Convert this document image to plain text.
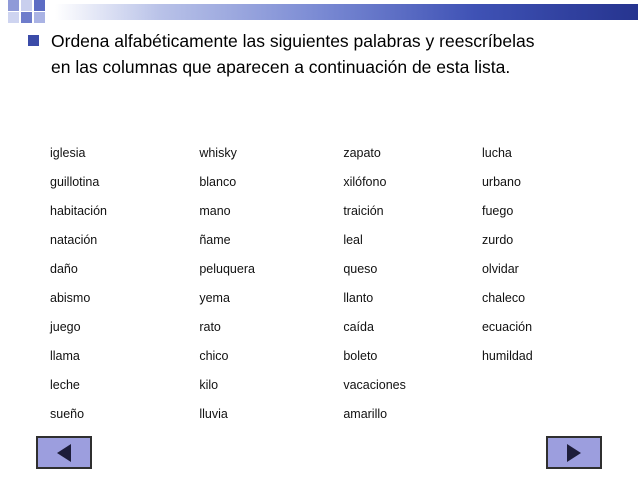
Ordena alfabéticamente las siguientes palabras y reescríbelas en las columnas que aparecen a continuación de esta lista.
iglesia	whisky	zapato	lucha
guillotina	blanco	xilófono	urbano
habitación	mano	traición	fuego
natación	ñame	leal	zurdo
daño	peluquera	queso	olvidar
abismo	yema	llanto	chaleco
juego	rato	caída	ecuación
llama	chico	boleto	humildad
leche	kilo	vacaciones	
sueño	lluvia	amarillo	
